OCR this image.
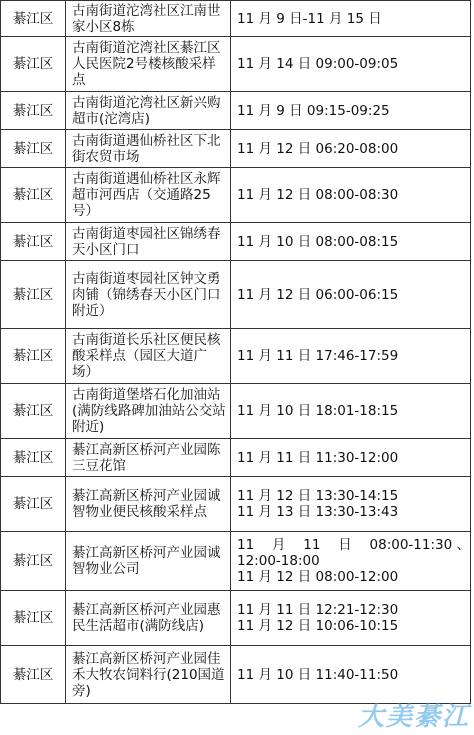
綦江区	古南街道沱湾社区江南世家小区8栋	11 月 9 日-11 月 15 日

綦江区	古南街道沱湾社区綦江区人民医院2号楼核酸采样点	11 月 14 日 09:00-09:05

綦江区	古南街道沱湾社区新兴购超市(沱湾店)	11 月 9 日 09:15-09:25

綦江区	古南街道遇仙桥社区下北街农贸市场	11 月 12 日 06:20-08:00

綦江区	古南街道遇仙桥社区永辉超市河西店（交通路25号）	11 月 12 日 08:00-08:30

綦江区	古南街道枣园社区锦绣春天小区门口	11 月 10 日 08:00-08:15

綦江区	古南街道枣园社区钟文勇肉铺（锦绣春天小区门口附近）	11 月 12 日 06:00-06:15

綦江区	古南街道长乐社区便民核酸采样点（园区大道广场）	11 月 11 日 17:46-17:59

綦江区	古南街道堡塔石化加油站(满防线路碑加油站公交站附近)	11 月 10 日 18:01-18:15

綦江区	綦江高新区桥河产业园陈三豆花馆	11 月 11 日 11:30-12:00

綦江区	綦江高新区桥河产业园诚智物业便民核酸采样点	11 月 12 日 13:30-14:15
11 月 13 日 13:30-13:43

綦江区	綦江高新区桥河产业园诚智物业公司	11　 月　 11　 日　 08:00-11:30 、
12:00-18:00
11 月 12 日 08:00-12:00

綦江区	綦江高新区桥河产业园惠民生活超市(满防线店)	11 月 11 日 12:21-12:30
11 月 12 日 10:06-10:15

綦江区	綦江高新区桥河产业园佳禾大牧农饲料行(210国道旁)	11 月 10 日 11:40-11:50
大美綦江
